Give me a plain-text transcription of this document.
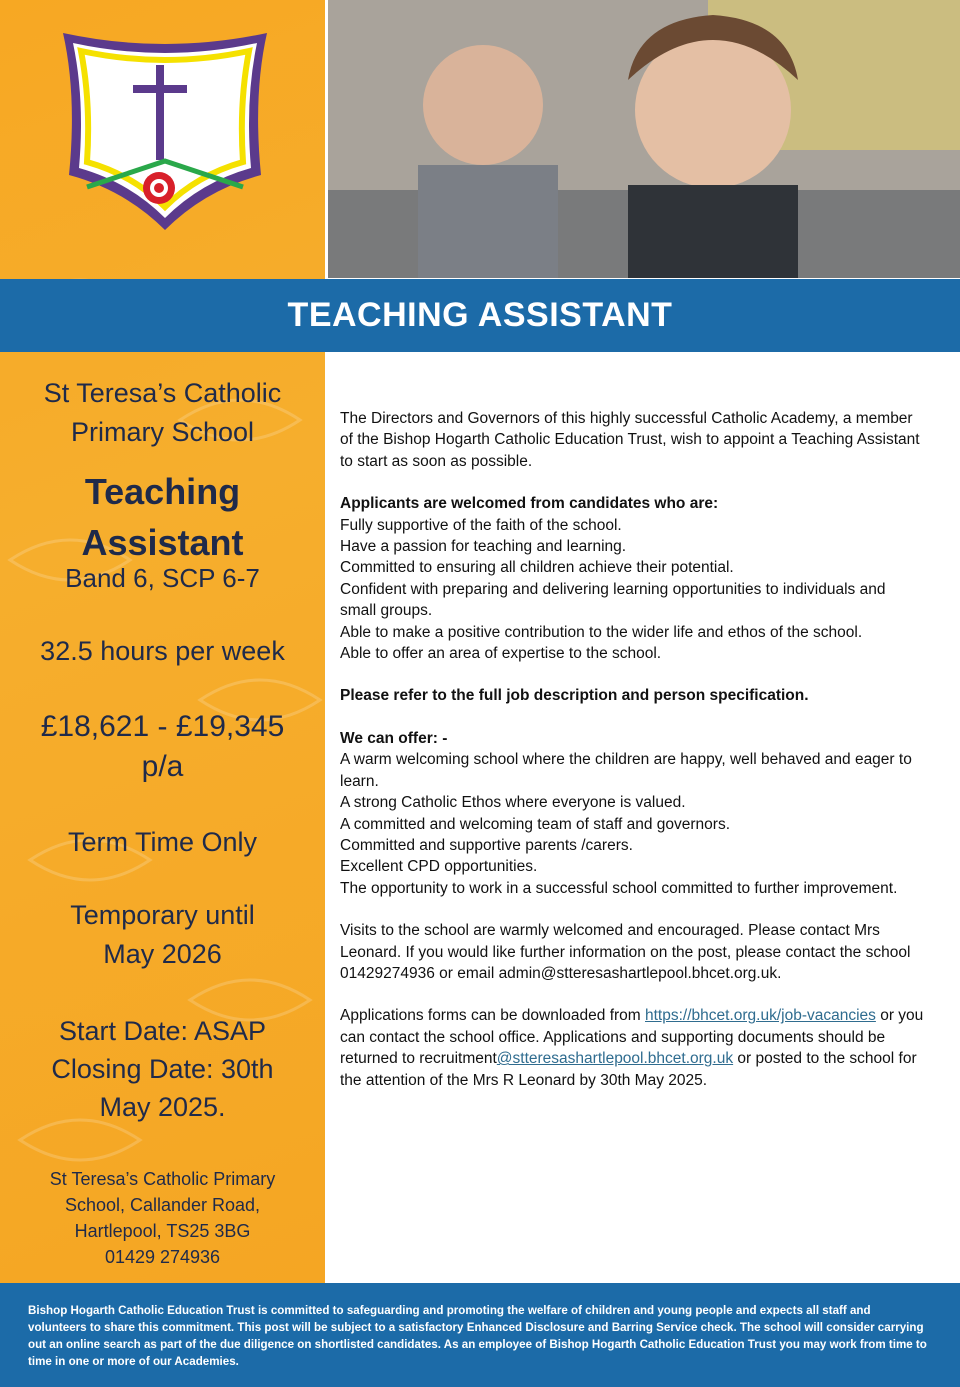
TEACHING ASSISTANT
St Teresa’s Catholic
Primary School
Teaching
Assistant
Band 6, SCP 6-7
32.5 hours per week
£18,621 - £19,345
p/a
Term Time Only
Temporary until
May 2026
Start Date: ASAP
Closing Date: 30th
May 2025.
St Teresa’s Catholic Primary
School, Callander Road,
Hartlepool, TS25 3BG
01429 274936

The Directors and Governors of this highly successful Catholic Academy, a member of the Bishop Hogarth Catholic Education Trust, wish to appoint a Teaching Assistant to start as soon as possible.

Applicants are welcomed from candidates who are:

Fully supportive of the faith of the school.

Have a passion for teaching and learning.

Committed to ensuring all children achieve their potential.

Confident with preparing and delivering learning opportunities to individuals and small groups.

Able to make a positive contribution to the wider life and ethos of the school.

Able to offer an area of expertise to the school.

Please refer to the full job description and person specification.

We can offer: -

A warm welcoming school where the children are happy, well behaved and eager to learn.

A strong Catholic Ethos where everyone is valued.

A committed and welcoming team of staff and governors.

Committed and supportive parents /carers.

Excellent CPD opportunities.

The opportunity to work in a successful school committed to further improvement.

Visits to the school are warmly welcomed and encouraged. Please contact Mrs Leonard. If you would like further information on the post, please contact the school 01429274936 or email admin@stteresashartlepool.bhcet.org.uk.

Applications forms can be downloaded from https://bhcet.org.uk/job-vacancies or you can contact the school office. Applications and supporting documents should be returned to recruitment@stteresashartlepool.bhcet.org.uk or posted to the school for the attention of the Mrs R Leonard by 30th May 2025.

Bishop Hogarth Catholic Education Trust is committed to safeguarding and promoting the welfare of children and young people and expects all staff and volunteers to share this commitment. This post will be subject to a satisfactory Enhanced Disclosure and Barring Service check. The school will consider carrying out an online search as part of the due diligence on shortlisted candidates. As an employee of Bishop Hogarth Catholic Education Trust you may work from time to time in one or more of our Academies.
